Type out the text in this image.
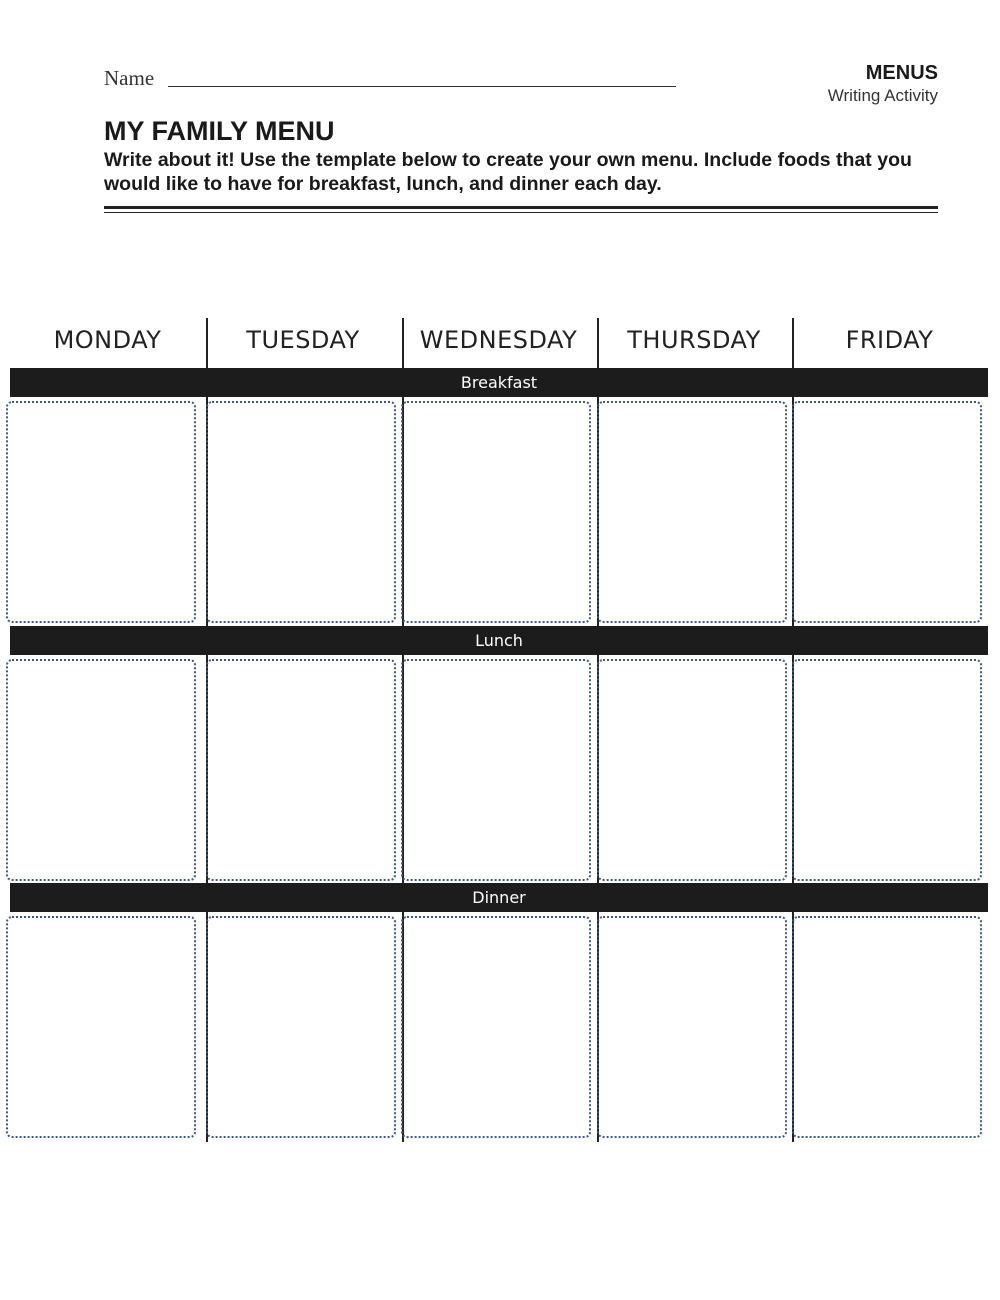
Name	MENUS
Writing Activity
MY FAMILY MENU
Write about it! Use the template below to create your own menu. Include foods that you would like to have for breakfast, lunch, and dinner each day.
MONDAY	TUESDAY	WEDNESDAY	THURSDAY	FRIDAY
Breakfast
Lunch
Dinner
